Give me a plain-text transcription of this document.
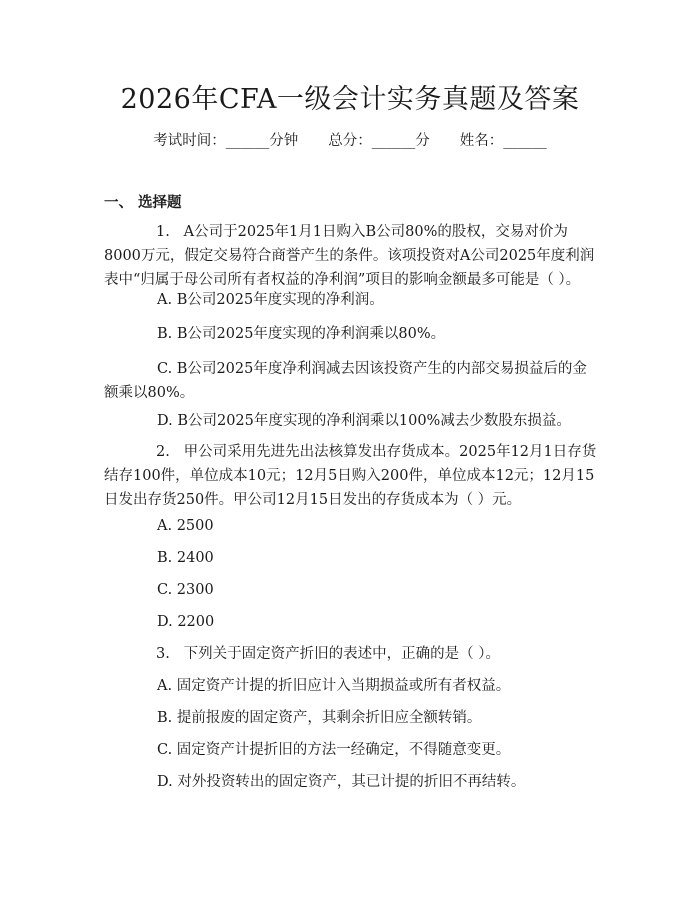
2026年CFA一级会计实务真题及答案
考试时间：______分钟 总分：______分 姓名：______
一、 选择题

1. A公司于2025年1月1日购入B公司80%的股权，交易对价为8000万元，假定交易符合商誉产生的条件。该项投资对A公司2025年度利润表中“归属于母公司所有者权益的净利润”项目的影响金额最多可能是（ ）。

A. B公司2025年度实现的净利润。

B. B公司2025年度实现的净利润乘以80%。

C. B公司2025年度净利润减去因该投资产生的内部交易损益后的金额乘以80%。

D. B公司2025年度实现的净利润乘以100%减去少数股东损益。

2. 甲公司采用先进先出法核算发出存货成本。2025年12月1日存货结存100件，单位成本10元；12月5日购入200件，单位成本12元；12月15日发出存货250件。甲公司12月15日发出的存货成本为（ ）元。

A. 2500

B. 2400

C. 2300

D. 2200

3. 下列关于固定资产折旧的表述中，正确的是（ ）。

A. 固定资产计提的折旧应计入当期损益或所有者权益。

B. 提前报废的固定资产，其剩余折旧应全额转销。

C. 固定资产计提折旧的方法一经确定，不得随意变更。

D. 对外投资转出的固定资产，其已计提的折旧不再结转。
